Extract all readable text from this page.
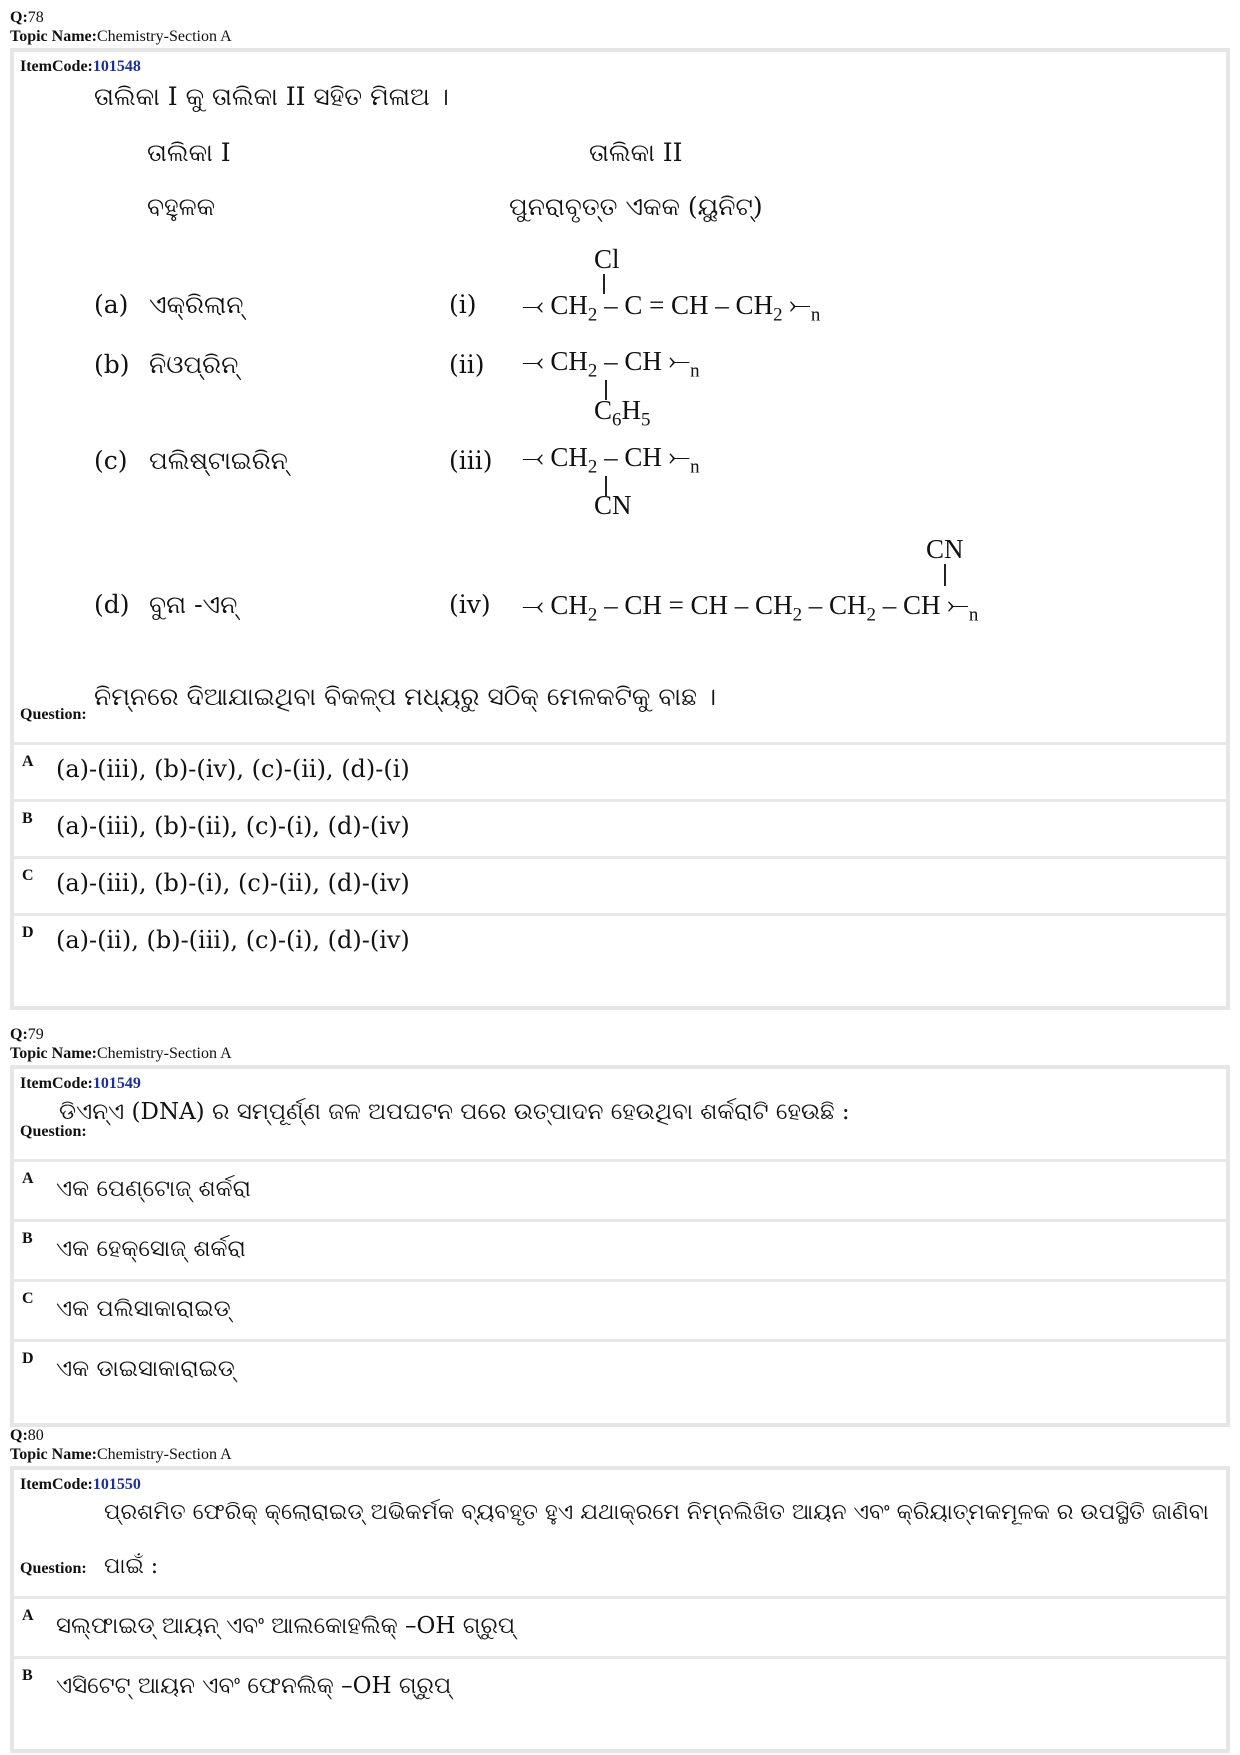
Q:78
Topic Name:Chemistry-Section A
ItemCode:101548
ତାଲିକା I କୁ ତାଲିକା II ସହିତ ମିଳାଅ ।
ତାଲିକା I	ତାଲିକା II
ବହୁଳକ	ପୁନରାବୃତ୍ତ ଏକକ (ୟୁନିଟ୍)
(a) ଏକ୍ରିଲାନ୍	(i)
Cl
⤙ $CH_2$ – C = CH – $CH_2$ $⤚_n$
(b) ନିଓପ୍ରିନ୍	(ii) ⤙ $CH_2$ – CH $⤚_n$
$C_6H_5$
(c) ପଲିଷ୍ଟାଇରିନ୍	(iii) ⤙ $CH_2$ – CH $⤚_n$
CN
(d) ବୁନା -ଏନ୍	(iv)
CN
⤙ $CH_2$ – CH = CH – $CH_2 - CH_2$ – CH $⤚_n$
Question:
ନିମ୍ନରେ ଦିଆଯାଇଥିବା ବିକଳ୍ପ ମଧ୍ୟରୁ ସଠିକ୍ ମେଳକଟିକୁ ବାଛ ।
A (a)-(iii), (b)-(iv), (c)-(ii), (d)-(i)
B (a)-(iii), (b)-(ii), (c)-(i), (d)-(iv)
C (a)-(iii), (b)-(i), (c)-(ii), (d)-(iv)
D (a)-(ii), (b)-(iii), (c)-(i), (d)-(iv)
Q:79
Topic Name:Chemistry-Section A
ItemCode:101549
ଡିଏନ୍ଏ (DNA) ର ସମ୍ପୂର୍ଣ୍ଣ ଜଳ ଅପଘଟନ ପରେ ଉତ୍ପାଦନ ହେଉଥିବା ଶର୍କରାଟି ହେଉଛି :
Question:
A ଏକ ପେଣ୍ଟୋଜ୍ ଶର୍କରା
B ଏକ ହେକ୍ସୋଜ୍ ଶର୍କରା
C ଏକ ପଲିସାକାରାଇଡ୍
D ଏକ ଡାଇସାକାରାଇଡ୍
Q:80
Topic Name:Chemistry-Section A
ItemCode:101550
ପ୍ରଶମିତ ଫେରିକ୍ କ୍ଲୋରାଇଡ୍ ଅଭିକର୍ମକ ବ୍ୟବହୃତ ହୁଏ ଯଥାକ୍ରମେ ନିମ୍ନଲିଖିତ ଆୟନ ଏବଂ କ୍ରିୟାତ୍ମକମୂଳକ ର ଉପସ୍ଥିତି ଜାଣିବା
Question: ପାଇଁ :
A ସଲ୍ଫାଇଡ୍ ଆୟନ୍ ଏବଂ ଆଲକୋହଲିକ୍ –OH ଗ୍ରୁପ୍
B ଏସିଟେଟ୍ ଆୟନ ଏବଂ ଫେନଲିକ୍ –OH ଗ୍ରୁପ୍
